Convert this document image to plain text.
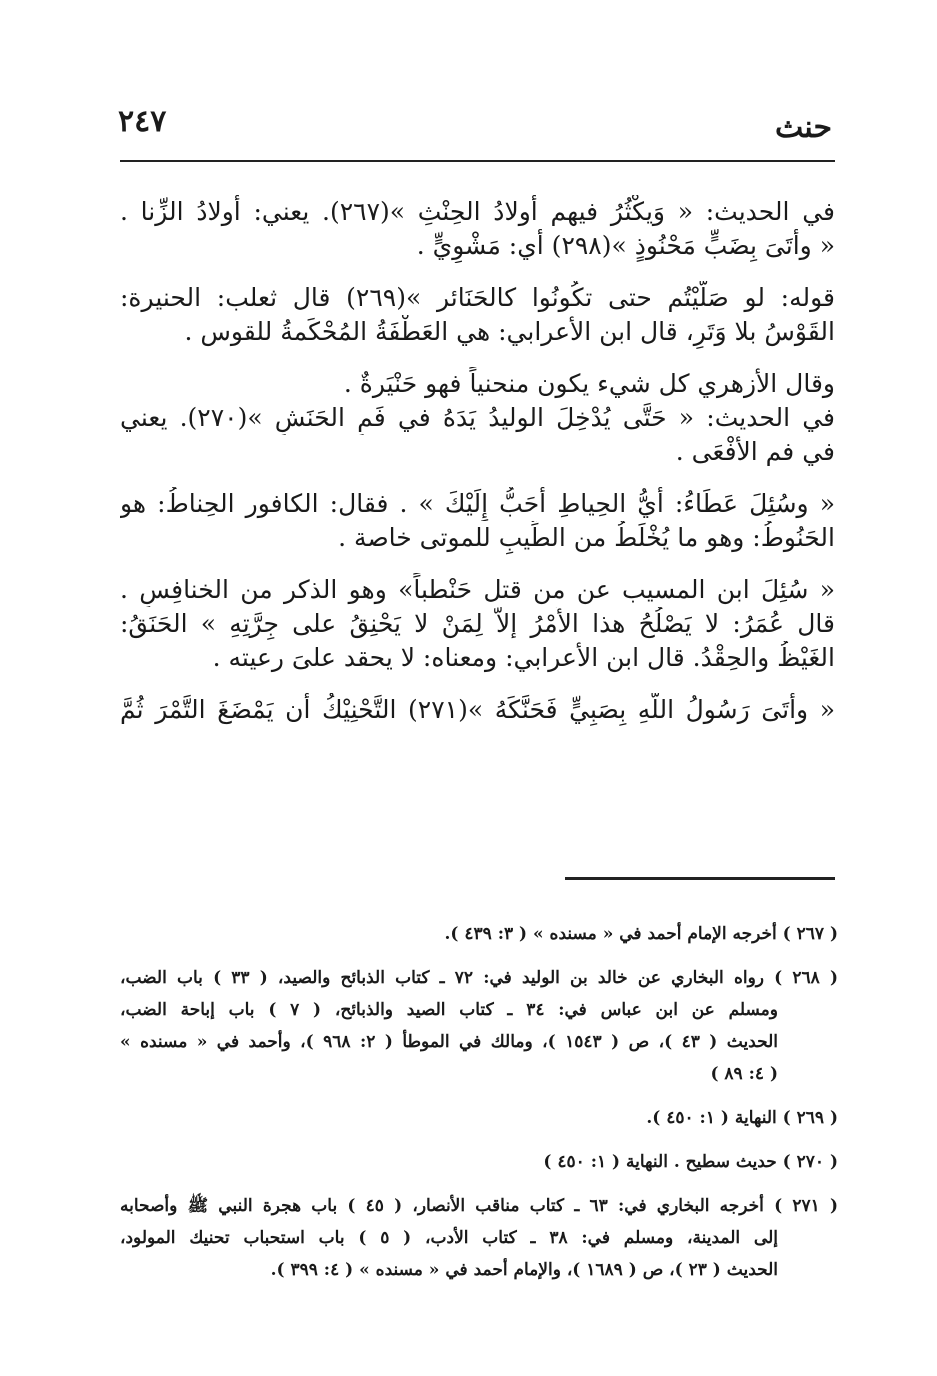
حنث
٢٤٧
في الحديث: « وَيكْثُرُ فيهم أولادُ الحِنْثِ »(٢٦٧). يعني: أولادُ الزِّنا .
« وأتَىَ بِضَبٍّ مَحْنُوذٍ »(٢٩٨) أي: مَشْوِيٍّ .
قوله: لو صَلَّيْتُم حتى تكُونُوا كالحَنَائر »(٢٦٩) قال ثعلب: الحنيرة:
القَوْسُ بلا وَتَرٍ، قال ابن الأعرابي: هي العَطْفَةُ المُحْكَمةُ للقوس .
وقال الأزهري كل شيء يكون منحنياً فهو حَنْيَرةٌ .
في الحديث: « حَتَّى يُدْخِلَ الوليدُ يَدَهُ في فَمِ الحَنَشِ »(٢٧٠). يعني
في فم الأَفْعَى .
« وسُئِلَ عَطَاءُ: أَيُّ الحِياطِ أَحَبُّ إِلَيْكَ » . فقال: الكافور الحِناطُ: هو
الحَنُوطُ: وهو ما يُخْلَطُ من الطِّيبِ للموتى خاصة .
« سُئِلَ ابن المسيب عن من قتل حَنْطباً» وهو الذكر من الخنافِسِ .
قال عُمَرُ: لا يَصْلُحُ هذا الأَمْرُ إلاَّ لِمَنْ لا يَحْنِقُ على جِرَّتِهِ » الحَنَقُ:
الغَيْظُ والحِقْدُ. قال ابن الأعرابي: ومعناه: لا يحقد علىَ رعيته .
« وأتَىَ رَسُولُ اللَّهِ بِصَبِيٍّ فَحَنَّكَهُ »(٢٧١) التَّحْنِيْكُ أن يَمْضَغَ التَّمْرَ ثُمَّ
( ٢٦٧ ) أخرجه الإمام أحمد في « مسنده » ( ٣: ٤٣٩ ).
( ٢٦٨ ) رواه البخاري عن خالد بن الوليد في: ٧٢ ـ كتاب الذبائح والصيد، ( ٣٣ ) باب الضب،
ومسلم عن ابن عباس في: ٣٤ ـ كتاب الصيد والذبائح، ( ٧ ) باب إباحة الضب،
الحديث ( ٤٣ )، ص ( ١٥٤٣ )، ومالك في الموطأ ( ٢: ٩٦٨ )، وأحمد في « مسنده »
( ٤: ٨٩ )
( ٢٦٩ ) النهاية ( ١: ٤٥٠ ).
( ٢٧٠ ) حديث سطيح . النهاية ( ١: ٤٥٠ )
( ٢٧١ ) أخرجه البخاري في: ٦٣ ـ كتاب مناقب الأنصار، ( ٤٥ ) باب هجرة النبي ﷺ وأصحابه
إلى المدينة، ومسلم في: ٣٨ ـ كتاب الأدب، ( ٥ ) باب استحباب تحنيك المولود،
الحديث ( ٢٣ )، ص ( ١٦٨٩ )، والإمام أحمد في « مسنده » ( ٤: ٣٩٩ ).
